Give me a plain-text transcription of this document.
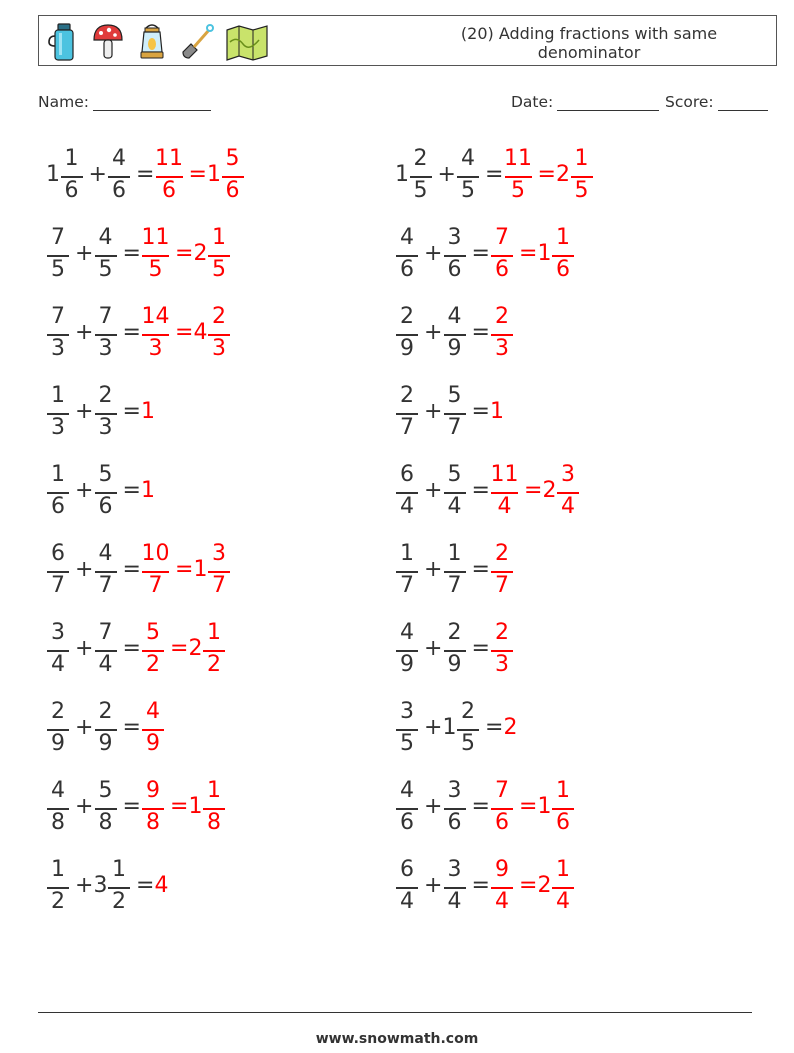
(20) Adding fractions with same
denominator
Name:	Date:	Score:
1
1
6
+
4
6
=
11
6
= 1
5
6
1
2
5
+
4
5
=
11
5
= 2
1
5
7
5
+
4
5
=
11
5
= 2
1
5
4
6
+
3
6
=
7
6
= 1
1
6
7
3
+
7
3
=
14
3
= 4
2
3
2
9
+
4
9
=
2
3
1
3
+
2
3
= 1
2
7
+
5
7
= 1
1
6
+
5
6
= 1
6
4
+
5
4
=
11
4
= 2
3
4
6
7
+
4
7
=
10
7
= 1
3
7
1
7
+
1
7
=
2
7
3
4
+
7
4
=
5
2
= 2
1
2
4
9
+
2
9
=
2
3
2
9
+
2
9
=
4
9
3
5
+ 1
2
5
= 2
4
8
+
5
8
=
9
8
= 1
1
8
4
6
+
3
6
=
7
6
= 1
1
6
1
2
+ 3
1
2
= 4
6
4
+
3
4
=
9
4
= 2
1
4
www.snowmath.com
